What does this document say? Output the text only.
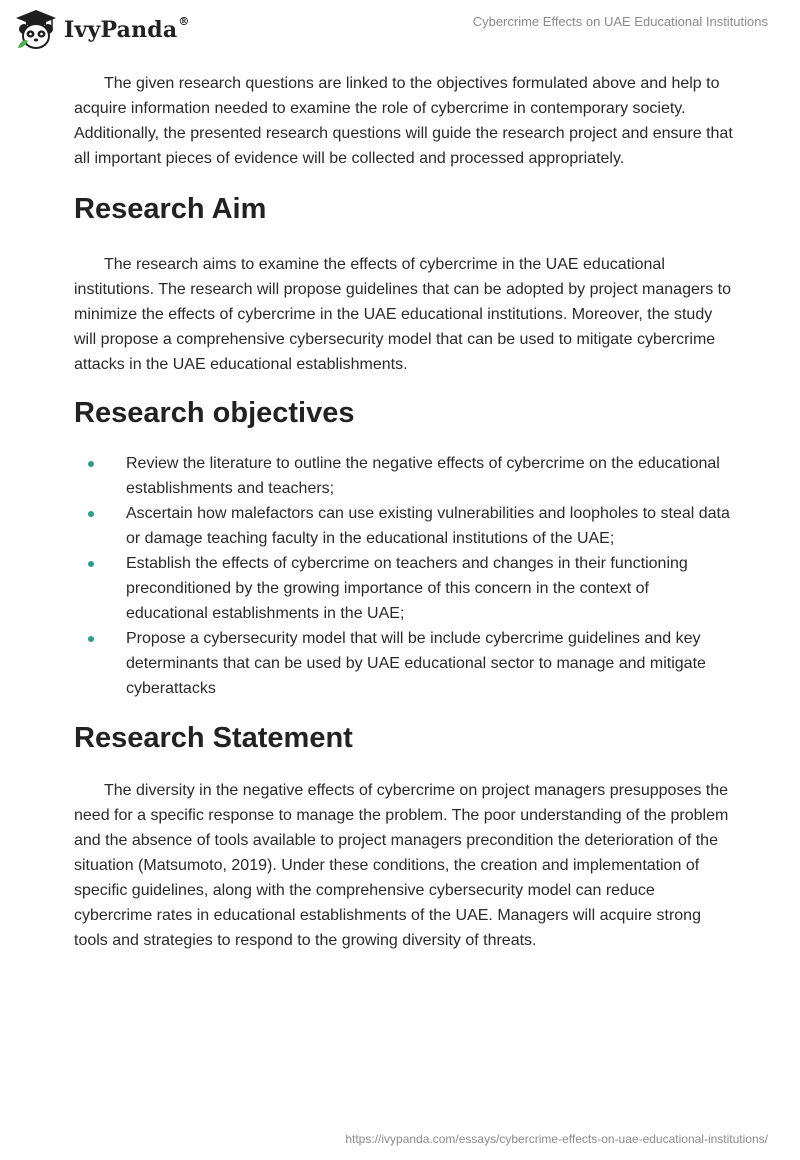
IvyPanda®	Cybercrime Effects on UAE Educational Institutions

The given research questions are linked to the objectives formulated above and help to acquire information needed to examine the role of cybercrime in contemporary society. Additionally, the presented research questions will guide the research project and ensure that all important pieces of evidence will be collected and processed appropriately.

Research Aim

The research aims to examine the effects of cybercrime in the UAE educational institutions. The research will propose guidelines that can be adopted by project managers to minimize the effects of cybercrime in the UAE educational institutions. Moreover, the study will propose a comprehensive cybersecurity model that can be used to mitigate cybercrime attacks in the UAE educational establishments.

Research objectives
Review the literature to outline the negative effects of cybercrime on the educational establishments and teachers;
Ascertain how malefactors can use existing vulnerabilities and loopholes to steal data or damage teaching faculty in the educational institutions of the UAE;
Establish the effects of cybercrime on teachers and changes in their functioning preconditioned by the growing importance of this concern in the context of educational establishments in the UAE;
Propose a cybersecurity model that will be include cybercrime guidelines and key determinants that can be used by UAE educational sector to manage and mitigate cyberattacks
Research Statement

The diversity in the negative effects of cybercrime on project managers presupposes the need for a specific response to manage the problem. The poor understanding of the problem and the absence of tools available to project managers precondition the deterioration of the situation (Matsumoto, 2019). Under these conditions, the creation and implementation of specific guidelines, along with the comprehensive cybersecurity model can reduce cybercrime rates in educational establishments of the UAE. Managers will acquire strong tools and strategies to respond to the growing diversity of threats.

https://ivypanda.com/essays/cybercrime-effects-on-uae-educational-institutions/
